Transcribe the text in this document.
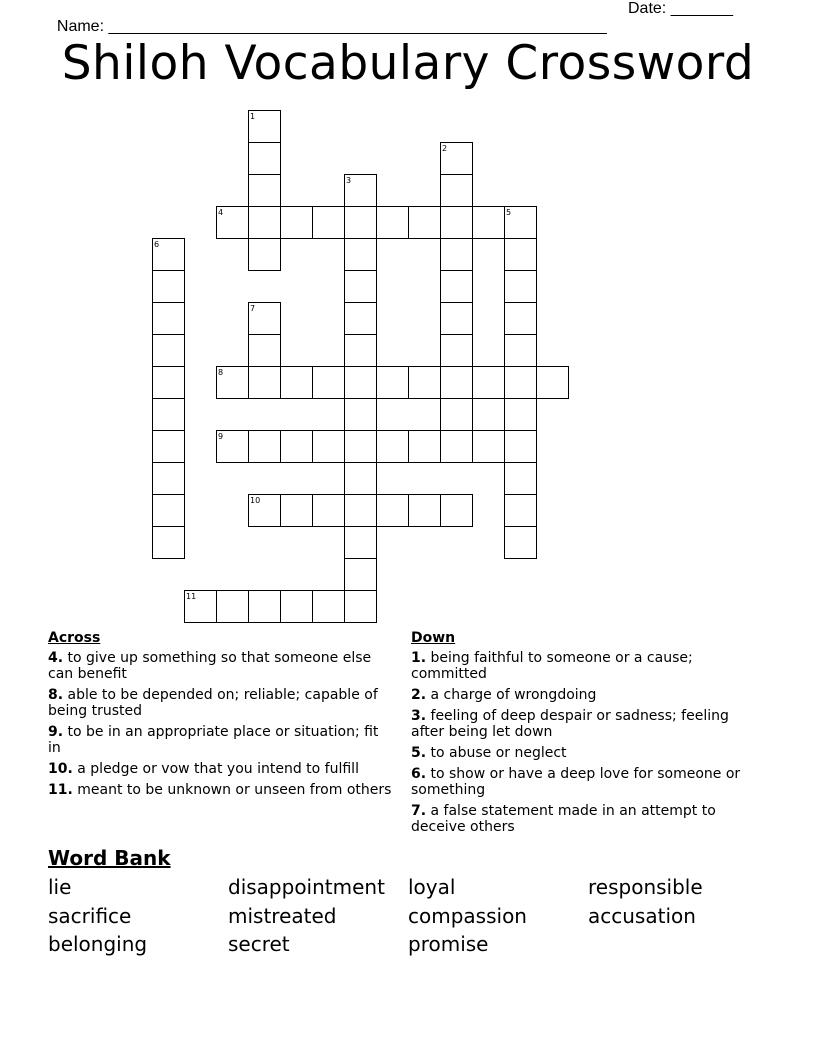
Name: ________________________________________________________

Date: _______

Shiloh Vocabulary Crossword
1
2
3
4	5
6
7
8
9
10
11
Across
4. to give up something so that someone else can benefit
8. able to be depended on; reliable; capable of being trusted
9. to be in an appropriate place or situation; fit in
10. a pledge or vow that you intend to fulfill
11. meant to be unknown or unseen from others
Down
1. being faithful to someone or a cause; committed
2. a charge of wrongdoing
3. feeling of deep despair or sadness; feeling after being let down
5. to abuse or neglect
6. to show or have a deep love for someone or something
7. a false statement made in an attempt to deceive others
Word Bank
lie	disappointment	loyal	responsible
sacrifice	mistreated	compassion	accusation
belonging	secret	promise
